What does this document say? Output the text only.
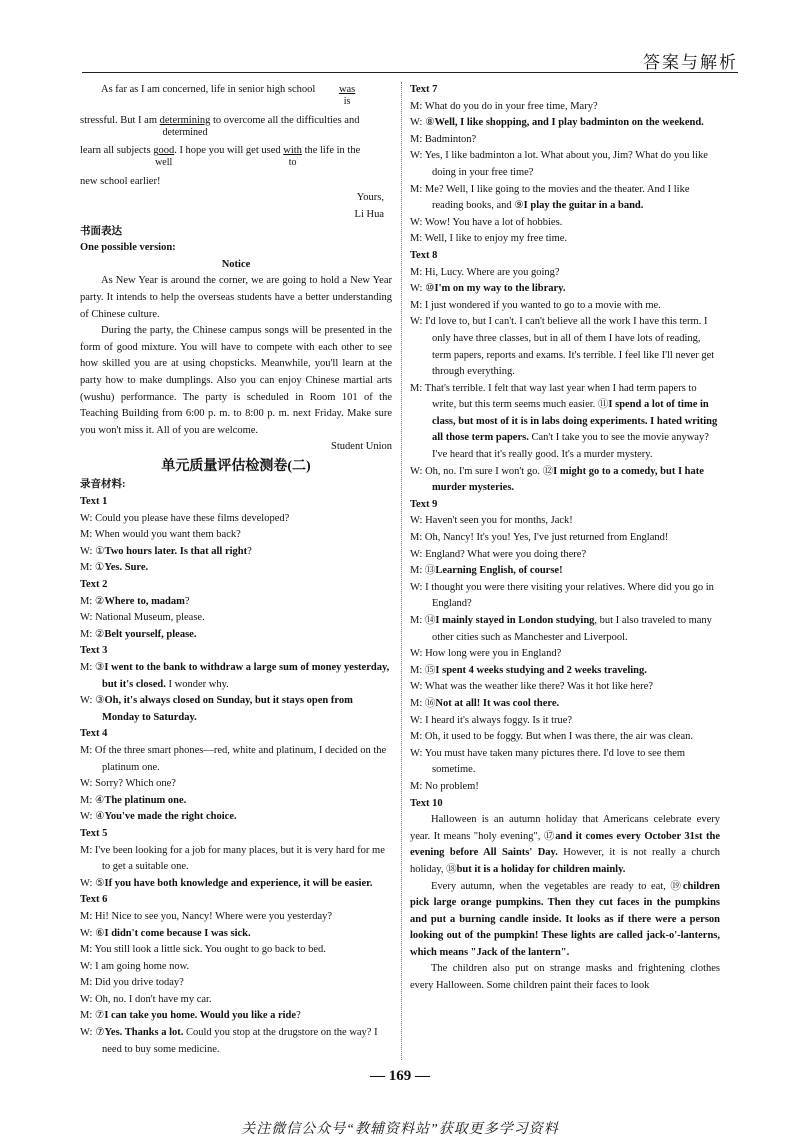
答案与解析

As far as I am concerned, life in senior high school was
is

stressful. But I am determining
determined
to overcome all the difficulties and

learn all subjects good
well
. I hope you will get used with
to
the life in the

new school earlier!

Yours,

Li Hua

书面表达

One possible version:

Notice

As New Year is around the corner, we are going to hold a New Year party. It intends to help the overseas students have a better understanding of Chinese culture.

During the party, the Chinese campus songs will be presented in the form of good mixture. You will have to compete with each other to see how skilled you are at using chopsticks. Meanwhile, you'll learn at the party how to make dumplings. Also you can enjoy Chinese martial arts (wushu) performance. The party is scheduled in Room 101 of the Teaching Building from 6:00 p. m. to 8:00 p. m. next Friday. Make sure you won't miss it. All of you are welcome.

Student Union

单元质量评估检测卷(二)

录音材料:

Text 1

W: Could you please have these films developed?

M: When would you want them back?

W: ①Two hours later. Is that all right?

M: ①Yes. Sure.

Text 2

M: ②Where to, madam?

W: National Museum, please.

M: ②Belt yourself, please.

Text 3

M: ③I went to the bank to withdraw a large sum of money yesterday, but it's closed. I wonder why.

W: ③Oh, it's always closed on Sunday, but it stays open from Monday to Saturday.

Text 4

M: Of the three smart phones—red, white and platinum, I decided on the platinum one.

W: Sorry? Which one?

M: ④The platinum one.

W: ④You've made the right choice.

Text 5

M: I've been looking for a job for many places, but it is very hard for me to get a suitable one.

W: ⑤If you have both knowledge and experience, it will be easier.

Text 6

M: Hi! Nice to see you, Nancy! Where were you yesterday?

W: ⑥I didn't come because I was sick.

M: You still look a little sick. You ought to go back to bed.

W: I am going home now.

M: Did you drive today?

W: Oh, no. I don't have my car.

M: ⑦I can take you home. Would you like a ride?

W: ⑦Yes. Thanks a lot. Could you stop at the drugstore on the way? I need to buy some medicine.

Text 7

M: What do you do in your free time, Mary?

W: ⑧Well, I like shopping, and I play badminton on the weekend.

M: Badminton?

W: Yes, I like badminton a lot. What about you, Jim? What do you like doing in your free time?

M: Me? Well, I like going to the movies and the theater. And I like reading books, and ⑨I play the guitar in a band.

W: Wow! You have a lot of hobbies.

M: Well, I like to enjoy my free time.

Text 8

M: Hi, Lucy. Where are you going?

W: ⑩I'm on my way to the library.

M: I just wondered if you wanted to go to a movie with me.

W: I'd love to, but I can't. I can't believe all the work I have this term. I only have three classes, but in all of them I have lots of reading, term papers, reports and exams. It's terrible. I feel like I'll never get through everything.

M: That's terrible. I felt that way last year when I had term papers to write, but this term seems much easier. ⑪I spend a lot of time in class, but most of it is in labs doing experiments. I hated writing all those term papers. Can't I take you to see the movie anyway? I've heard that it's really good. It's a murder mystery.

W: Oh, no. I'm sure I won't go. ⑫I might go to a comedy, but I hate murder mysteries.

Text 9

W: Haven't seen you for months, Jack!

M: Oh, Nancy! It's you! Yes, I've just returned from England!

W: England? What were you doing there?

M: ⑬Learning English, of course!

W: I thought you were there visiting your relatives. Where did you go in England?

M: ⑭I mainly stayed in London studying, but I also traveled to many other cities such as Manchester and Liverpool.

W: How long were you in England?

M: ⑮I spent 4 weeks studying and 2 weeks traveling.

W: What was the weather like there? Was it hot like here?

M: ⑯Not at all! It was cool there.

W: I heard it's always foggy. Is it true?

M: Oh, it used to be foggy. But when I was there, the air was clean.

W: You must have taken many pictures there. I'd love to see them sometime.

M: No problem!

Text 10

Halloween is an autumn holiday that Americans celebrate every year. It means "holy evening", ⑰and it comes every October 31st the evening before All Saints' Day. However, it is not really a church holiday, ⑱but it is a holiday for children mainly.

Every autumn, when the vegetables are ready to eat, ⑲children pick large orange pumpkins. Then they cut faces in the pumpkins and put a burning candle inside. It looks as if there were a person looking out of the pumpkin! These lights are called jack-o'-lanterns, which means "Jack of the lantern".

The children also put on strange masks and frightening clothes every Halloween. Some children paint their faces to look

— 169 —
关注微信公众号“教辅资料站”获取更多学习资料
